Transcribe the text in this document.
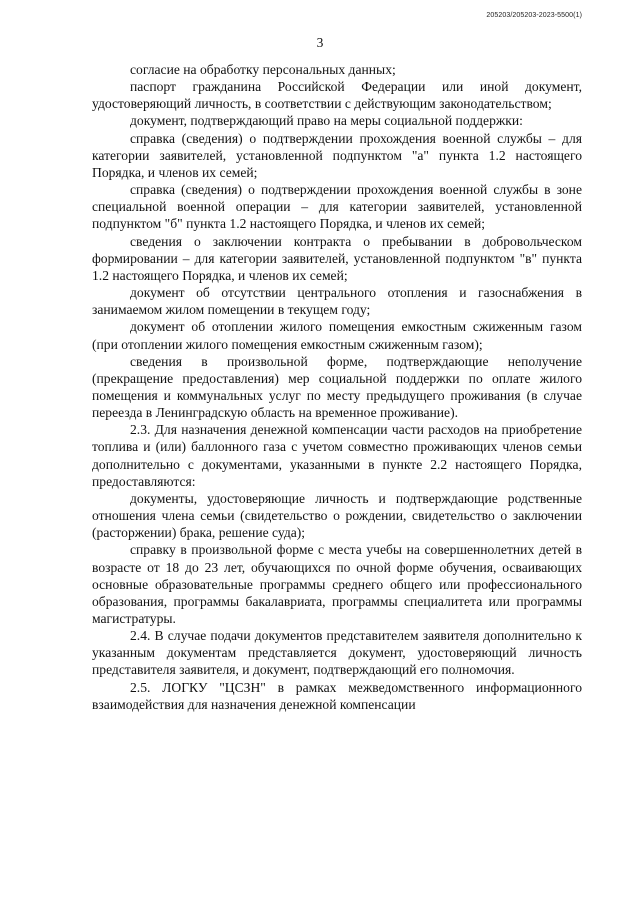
205203/205203-2023-5500(1)
3

согласие на обработку персональных данных;

паспорт гражданина Российской Федерации или иной документ, удостоверяющий личность, в соответствии с действующим законодательством;

документ, подтверждающий право на меры социальной поддержки:

справка (сведения) о подтверждении прохождения военной службы – для категории заявителей, установленной подпунктом "а" пункта 1.2 настоящего Порядка, и членов их семей;

справка (сведения) о подтверждении прохождения военной службы в зоне специальной военной операции – для категории заявителей, установленной подпунктом "б" пункта 1.2 настоящего Порядка, и членов их семей;

сведения о заключении контракта о пребывании в добровольческом формировании – для категории заявителей, установленной подпунктом "в" пункта 1.2 настоящего Порядка, и членов их семей;

документ об отсутствии центрального отопления и газоснабжения в занимаемом жилом помещении в текущем году;

документ об отоплении жилого помещения емкостным сжиженным газом (при отоплении жилого помещения емкостным сжиженным газом);

сведения в произвольной форме, подтверждающие неполучение (прекращение предоставления) мер социальной поддержки по оплате жилого помещения и коммунальных услуг по месту предыдущего проживания (в случае переезда в Ленинградскую область на временное проживание).

2.3. Для назначения денежной компенсации части расходов на приобретение топлива и (или) баллонного газа с учетом совместно проживающих членов семьи дополнительно с документами, указанными в пункте 2.2 настоящего Порядка, предоставляются:

документы, удостоверяющие личность и подтверждающие родственные отношения члена семьи (свидетельство о рождении, свидетельство о заключении (расторжении) брака, решение суда);

справку в произвольной форме с места учебы на совершеннолетних детей в возрасте от 18 до 23 лет, обучающихся по очной форме обучения, осваивающих основные образовательные программы среднего общего или профессионального образования, программы бакалавриата, программы специалитета или программы магистратуры.

2.4. В случае подачи документов представителем заявителя дополнительно к указанным документам представляется документ, удостоверяющий личность представителя заявителя, и документ, подтверждающий его полномочия.

2.5. ЛОГКУ "ЦСЗН" в рамках межведомственного информационного взаимодействия для назначения денежной компенсации
